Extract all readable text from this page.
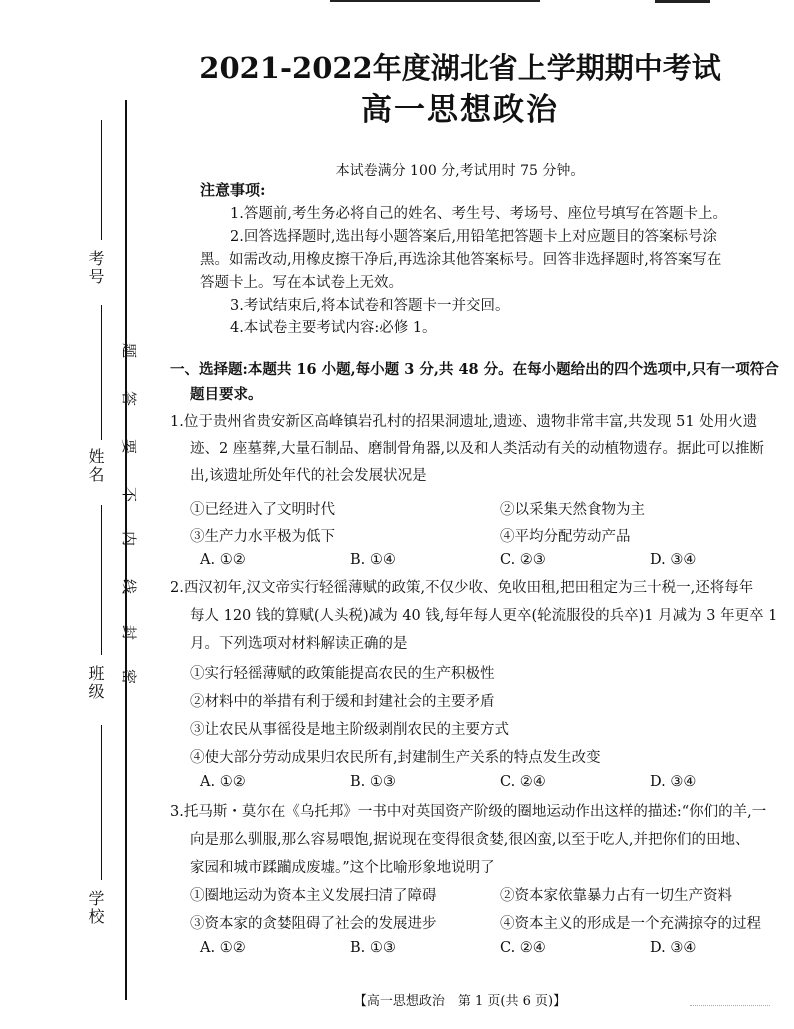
考号
姓名
班级
学校
题
答
要
不
内
线
封
密
2021-2022年度湖北省上学期期中考试
高一思想政治
本试卷满分 100 分,考试用时 75 分钟。
注意事项:
1.答题前,考生务必将自己的姓名、考生号、考场号、座位号填写在答题卡上。
2.回答选择题时,选出每小题答案后,用铅笔把答题卡上对应题目的答案标号涂
黑。如需改动,用橡皮擦干净后,再选涂其他答案标号。回答非选择题时,将答案写在
答题卡上。写在本试卷上无效。
3.考试结束后,将本试卷和答题卡一并交回。
4.本试卷主要考试内容:必修 1。
一、选择题:本题共 16 小题,每小题 3 分,共 48 分。在每小题给出的四个选项中,只有一项符合
题目要求。
1.位于贵州省贵安新区高峰镇岩孔村的招果洞遗址,遗迹、遗物非常丰富,共发现 51 处用火遗
迹、2 座墓葬,大量石制品、磨制骨角器,以及和人类活动有关的动植物遗存。据此可以推断
出,该遗址所处年代的社会发展状况是
①已经进入了文明时代	②以采集天然食物为主
③生产力水平极为低下	④平均分配劳动产品
A. ①②	B. ①④	C. ②③	D. ③④
2.西汉初年,汉文帝实行轻徭薄赋的政策,不仅少收、免收田租,把田租定为三十税一,还将每年
每人 120 钱的算赋(人头税)减为 40 钱,每年每人更卒(轮流服役的兵卒)1 月减为 3 年更卒 1
月。下列选项对材料解读正确的是
①实行轻徭薄赋的政策能提高农民的生产积极性
②材料中的举措有利于缓和封建社会的主要矛盾
③让农民从事徭役是地主阶级剥削农民的主要方式
④使大部分劳动成果归农民所有,封建制生产关系的特点发生改变
A. ①②	B. ①③	C. ②④	D. ③④
3.托马斯・莫尔在《乌托邦》一书中对英国资产阶级的圈地运动作出这样的描述:“你们的羊,一
向是那么驯服,那么容易喂饱,据说现在变得很贪婪,很凶蛮,以至于吃人,并把你们的田地、
家园和城市蹂躏成废墟。”这个比喻形象地说明了
①圈地运动为资本主义发展扫清了障碍	②资本家依靠暴力占有一切生产资料
③资本家的贪婪阻碍了社会的发展进步	④资本主义的形成是一个充满掠夺的过程
A. ①②	B. ①③	C. ②④	D. ③④
【高一思想政治　第 1 页(共 6 页)】
